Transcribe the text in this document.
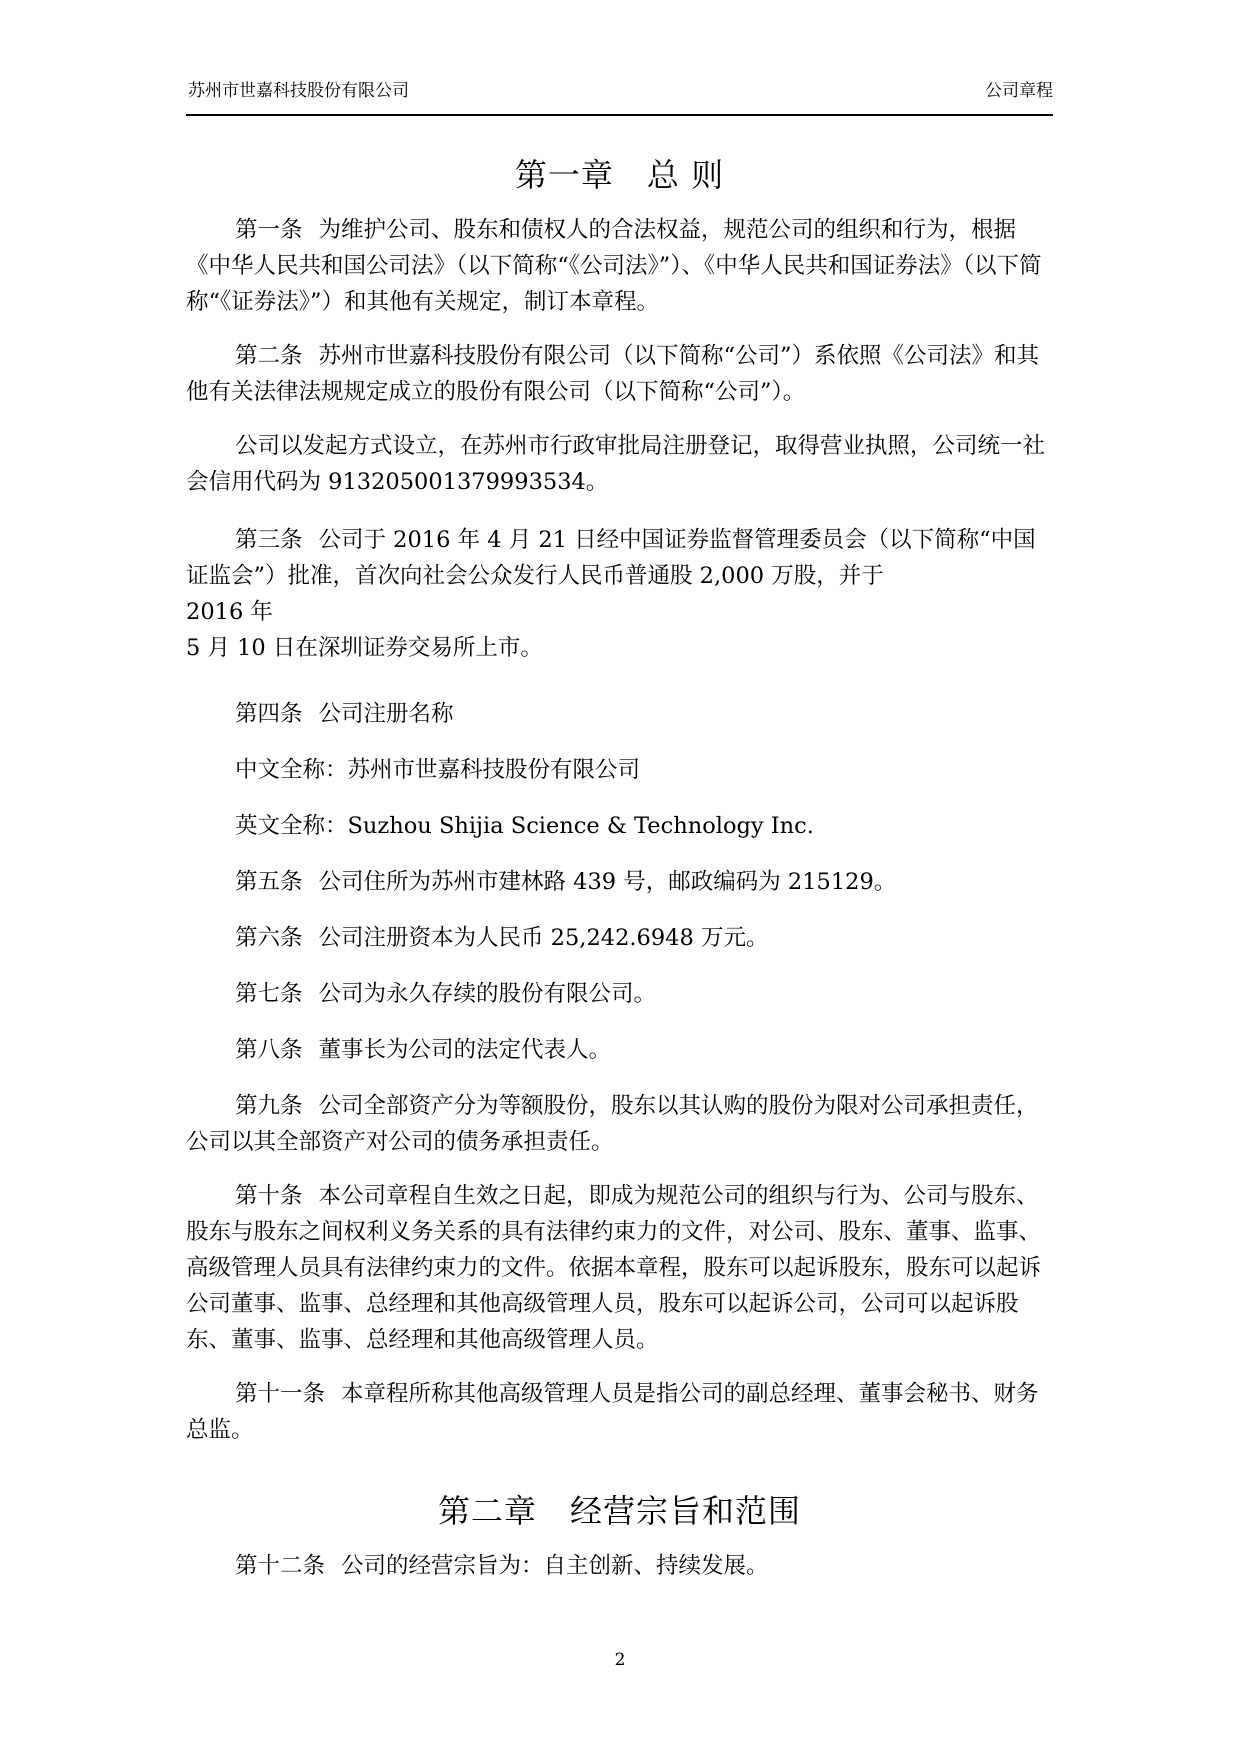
苏州市世嘉科技股份有限公司	公司章程
第一章　总 则

第一条 为维护公司、股东和债权人的合法权益，规范公司的组织和行为，根据《中华人民共和国公司法》（以下简称“《公司法》”）、《中华人民共和国证券法》（以下简称“《证券法》”）和其他有关规定，制订本章程。

第二条 苏州市世嘉科技股份有限公司（以下简称“公司”）系依照《公司法》和其他有关法律法规规定成立的股份有限公司（以下简称“公司”）。

公司以发起方式设立，在苏州市行政审批局注册登记，取得营业执照，公司统一社会信用代码为 913205001379993534。

第三条 公司于 2016 年 4 月 21 日经中国证券监督管理委员会（以下简称“中国证监会”）批准，首次向社会公众发行人民币普通股 2,000 万股，并于
2016 年
5 月 10 日在深圳证券交易所上市。

第四条 公司注册名称

中文全称：苏州市世嘉科技股份有限公司

英文全称：Suzhou Shijia Science & Technology Inc.

第五条 公司住所为苏州市建林路 439 号，邮政编码为 215129。

第六条 公司注册资本为人民币 25,242.6948 万元。

第七条 公司为永久存续的股份有限公司。

第八条 董事长为公司的法定代表人。

第九条 公司全部资产分为等额股份，股东以其认购的股份为限对公司承担责任，公司以其全部资产对公司的债务承担责任。

第十条 本公司章程自生效之日起，即成为规范公司的组织与行为、公司与股东、股东与股东之间权利义务关系的具有法律约束力的文件，对公司、股东、董事、监事、高级管理人员具有法律约束力的文件。依据本章程，股东可以起诉股东，股东可以起诉公司董事、监事、总经理和其他高级管理人员，股东可以起诉公司，公司可以起诉股东、董事、监事、总经理和其他高级管理人员。

第十一条 本章程所称其他高级管理人员是指公司的副总经理、董事会秘书、财务总监。

第二章　经营宗旨和范围

第十二条 公司的经营宗旨为：自主创新、持续发展。

2
